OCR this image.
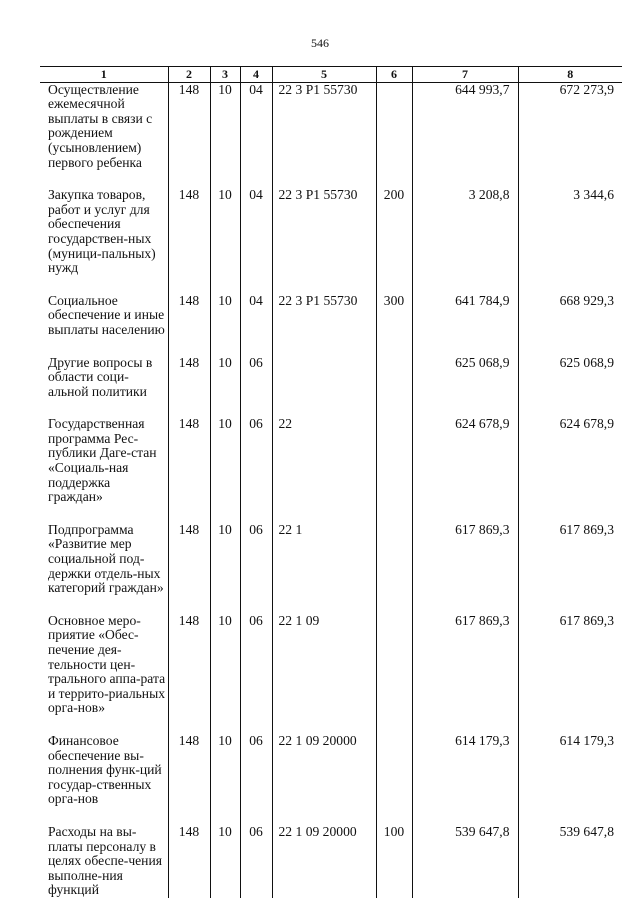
546
1	2	3	4	5	6	7	8
Осуществление ежемесячной выплаты в связи с рождением (усыновлением) первого ребенка	148	10	04	22 3 P1 55730		644 993,7	672 273,9
Закупка товаров, работ и услуг для обеспечения государствен-ных (муници-пальных) нужд	148	10	04	22 3 P1 55730	200	3 208,8	3 344,6
Социальное обеспечение и иные выплаты населению	148	10	04	22 3 P1 55730	300	641 784,9	668 929,3
Другие вопросы в области соци-альной политики	148	10	06			625 068,9	625 068,9
Государственная программа Рес-публики Даге-стан «Социаль-ная поддержка граждан»	148	10	06	22		624 678,9	624 678,9
Подпрограмма «Развитие мер социальной под-держки отдель-ных категорий граждан»	148	10	06	22 1		617 869,3	617 869,3
Основное меро-приятие «Обес-печение дея-тельности цен-трального аппа-рата и террито-риальных орга-нов»	148	10	06	22 1 09		617 869,3	617 869,3
Финансовое обеспечение вы-полнения функ-ций государ-ственных орга-нов	148	10	06	22 1 09 20000		614 179,3	614 179,3
Расходы на вы-платы персоналу в целях обеспе-чения выполне-ния функций	148	10	06	22 1 09 20000	100	539 647,8	539 647,8
